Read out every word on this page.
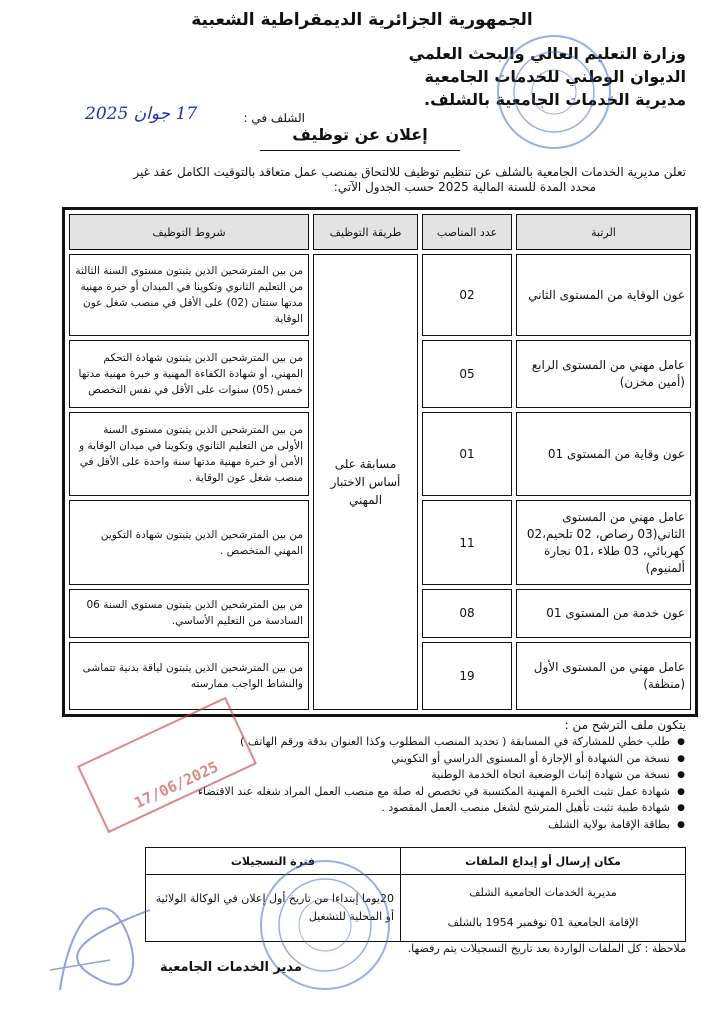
الجمهورية الجزائرية الديمقراطية الشعبية
وزارة التعليم العالي والبحث العلمي
الديوان الوطني للخدمات الجامعية
مديرية الخدمات الجامعية بالشلف.
الشلف في :
17 جوان 2025
إعلان عن توظيف
تعلن مديرية الخدمات الجامعية بالشلف عن تنظيم توظيف للالتحاق بمنصب عمل متعاقد بالتوقيت الكامل عقد غير
محدد المدة للسنة المالية 2025 حسب الجدول الآتي:
الرتبة	عدد المناصب	طريقة التوظيف	شروط التوظيف
عون الوقاية من المستوى الثاني	02	مسابقة على أساس الاختبار المهني	من بين المترشحين الذين يثبتون مستوى السنة الثالثة من التعليم الثانوي وتكوينا في الميدان أو خبرة مهنية مدتها سنتان (02) على الأقل في منصب شغل عون الوقاية
عامل مهني من المستوى الرابع (أمين مخزن)	05		من بين المترشحين الذين يثبتون شهادة التحكم المهني، أو شهادة الكفاءة المهنية و خبرة مهنية مدتها خمس (05) سنوات على الأقل في نفس التخصص
عون وقاية من المستوى 01	01		من بين المترشحين الذين يثبتون مستوى السنة الأولى من التعليم الثانوي وتكوينا في ميدان الوقاية و الأمن أو خبرة مهنية مدتها سنة واحدة على الأقل في منصب شغل عون الوقاية .
عامل مهني من المستوى الثاني(03 رصاص، 02 تلحيم،02 كهربائي، 03 طلاء ،01 نجارة ألمنيوم)	11		من بين المترشحين الذين يثبتون شهادة التكوين المهني المتخصص .
عون خدمة من المستوى 01	08		من بين المترشحين الذين يثبتون مستوى السنة 06 السادسة من التعليم الأساسي.
عامل مهني من المستوى الأول (منظفة)	19		من بين المترشحين الذين يثبتون لياقة بدنية تتماشى والنشاط الواجب ممارسته
يتكون ملف الترشح من :
● طلب خطي للمشاركة في المسابقة ( تحديد المنصب المطلوب وكذا العنوان بدقة ورقم الهاتف )
● نسخة من الشهادة أو الإجازة أو المستوى الدراسي أو التكويني
● نسخة من شهادة إثبات الوضعية اتجاه الخدمة الوطنية
● شهادة عمل تثبت الخبرة المهنية المكتسبة في تخصص له صلة مع منصب العمل المراد شغله عند الاقتضاء
● شهادة طبية تثبت تأهيل المترشح لشغل منصب العمل المقصود .
● بطاقة الإقامة بولاية الشلف
17/06/2025
مكان إرسال أو إيداع الملفات	فترة التسجيلات

مديرية الخدمات الجامعية الشلف
الإقامة الجامعية 01 نوفمبر 1954 بالشلف	20يوما إبتداءا من تاريخ أول إعلان في الوكالة الولائية أو المحلية للتشغيل
ملاحظة : كل الملفات الواردة بعد تاريخ التسجيلات يتم رفضها.
مدير الخدمات الجامعية
